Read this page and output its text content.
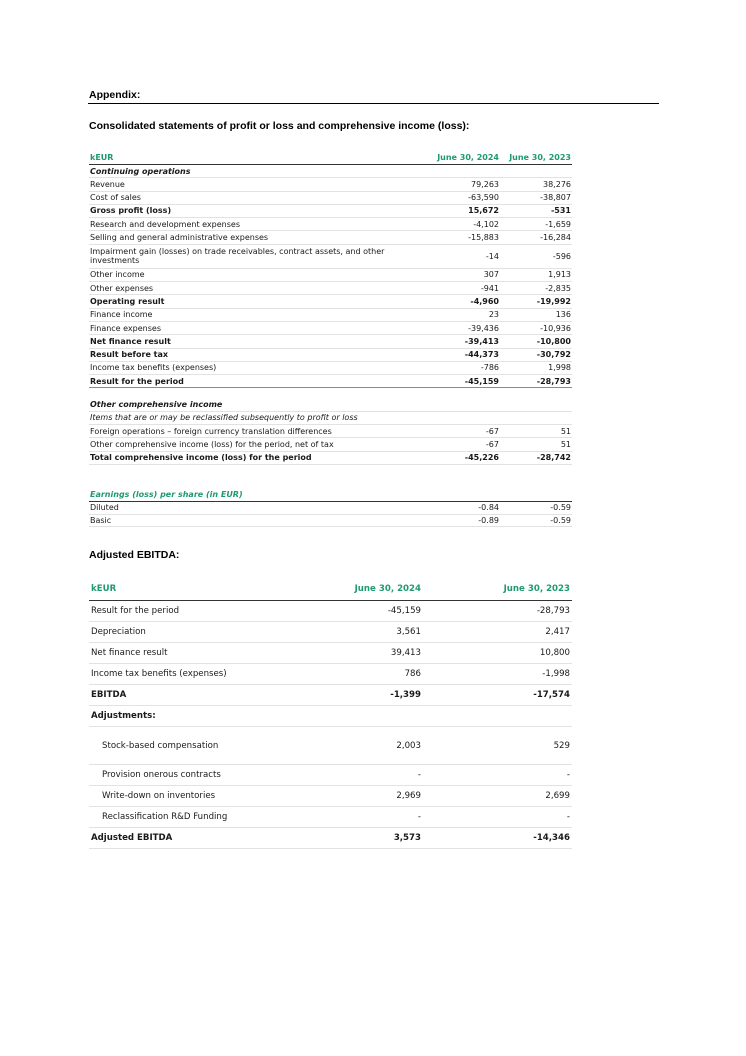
Appendix:
Consolidated statements of profit or loss and comprehensive income (loss):
kEUR	June 30, 2024	June 30, 2023
Continuing operations		
Revenue	79,263	38,276
Cost of sales	-63,590	-38,807
Gross profit (loss)	15,672	-531
Research and development expenses	-4,102	-1,659
Selling and general administrative expenses	-15,883	-16,284
Impairment gain (losses) on trade receivables, contract assets, and other investments	-14	-596
Other income	307	1,913
Other expenses	-941	-2,835
Operating result	-4,960	-19,992
Finance income	23	136
Finance expenses	-39,436	-10,936
Net finance result	-39,413	-10,800
Result before tax	-44,373	-30,792
Income tax benefits (expenses)	-786	1,998
Result for the period	-45,159	-28,793

Other comprehensive income		
Items that are or may be reclassified subsequently to profit or loss		
Foreign operations – foreign currency translation differences	-67	51
Other comprehensive income (loss) for the period, net of tax	-67	51
Total comprehensive income (loss) for the period	-45,226	-28,742
Earnings (loss) per share (in EUR)		
Diluted	-0.84	-0.59
Basic	-0.89	-0.59
Adjusted EBITDA:
kEUR	June 30, 2024	June 30, 2023
Result for the period	-45,159	-28,793
Depreciation	3,561	2,417
Net finance result	39,413	10,800
Income tax benefits (expenses)	786	-1,998
EBITDA	-1,399	-17,574
Adjustments:		
Stock-based compensation	2,003	529
Provision onerous contracts	-	-
Write-down on inventories	2,969	2,699
Reclassification R&D Funding	-	-
Adjusted EBITDA	3,573	-14,346
